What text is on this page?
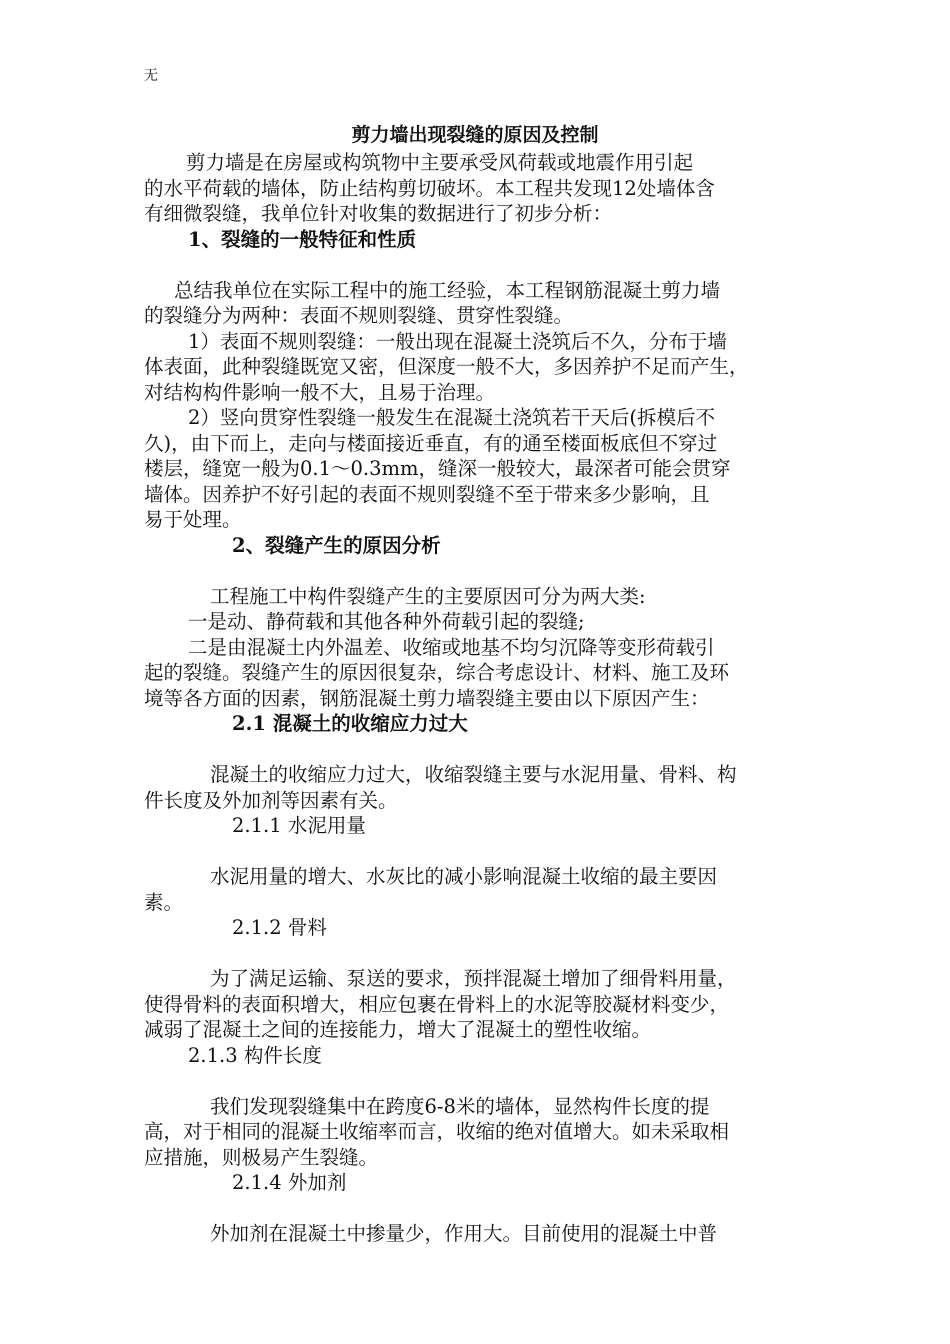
无
剪力墙出现裂缝的原因及控制
剪力墙是在房屋或构筑物中主要承受风荷载或地震作用引起
的水平荷载的墙体，防止结构剪切破坏。本工程共发现12处墙体含
有细微裂缝，我单位针对收集的数据进行了初步分析：
1、裂缝的一般特征和性质
总结我单位在实际工程中的施工经验，本工程钢筋混凝土剪力墙
的裂缝分为两种：表面不规则裂缝、贯穿性裂缝。
1）表面不规则裂缝：一般出现在混凝土浇筑后不久，分布于墙
体表面，此种裂缝既宽又密，但深度一般不大，多因养护不足而产生，
对结构构件影响一般不大，且易于治理。
2）竖向贯穿性裂缝一般发生在混凝土浇筑若干天后(拆模后不
久)，由下而上，走向与楼面接近垂直，有的通至楼面板底但不穿过
楼层，缝宽一般为0.1～0.3mm，缝深一般较大，最深者可能会贯穿
墙体。因养护不好引起的表面不规则裂缝不至于带来多少影响，且
易于处理。
2、裂缝产生的原因分析
工程施工中构件裂缝产生的主要原因可分为两大类:
一是动、静荷载和其他各种外荷载引起的裂缝;
二是由混凝土内外温差、收缩或地基不均匀沉降等变形荷载引
起的裂缝。裂缝产生的原因很复杂，综合考虑设计、材料、施工及环
境等各方面的因素，钢筋混凝土剪力墙裂缝主要由以下原因产生：
2.1 混凝土的收缩应力过大
混凝土的收缩应力过大，收缩裂缝主要与水泥用量、骨料、构
件长度及外加剂等因素有关。
2.1.1 水泥用量
水泥用量的增大、水灰比的减小影响混凝土收缩的最主要因
素。
2.1.2 骨料
为了满足运输、泵送的要求，预拌混凝土增加了细骨料用量，
使得骨料的表面积增大，相应包裹在骨料上的水泥等胶凝材料变少，
减弱了混凝土之间的连接能力，增大了混凝土的塑性收缩。
2.1.3 构件长度
我们发现裂缝集中在跨度6-8米的墙体，显然构件长度的提
高，对于相同的混凝土收缩率而言，收缩的绝对值增大。如未采取相
应措施，则极易产生裂缝。
2.1.4 外加剂
外加剂在混凝土中掺量少，作用大。目前使用的混凝土中普
